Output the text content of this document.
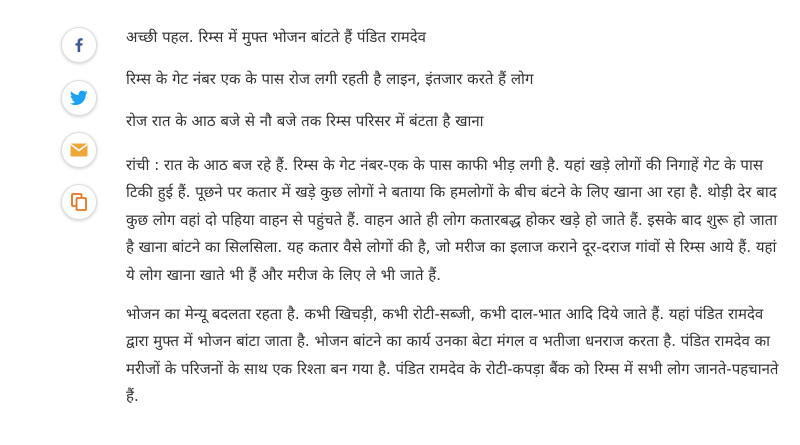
अच्छी पहल. रिम्स में मुफ्त भोजन बांटते हैं पंडित रामदेव

रिम्स के गेट नंबर एक के पास रोज लगी रहती है लाइन, इंतजार करते हैं लोग

रोज रात के आठ बजे से नौ बजे तक रिम्स परिसर में बंटता है खाना

रांची : रात के आठ बज रहे हैं. रिम्स के गेट नंबर-एक के पास काफी भीड़ लगी है. यहां खड़े लोगों की निगाहें गेट के पास टिकी हुई हैं. पूछने पर कतार में खड़े कुछ लोगों ने बताया कि हमलोगों के बीच बंटने के लिए खाना आ रहा है. थोड़ी देर बाद कुछ लोग वहां दो पहिया वाहन से पहुंचते हैं. वाहन आते ही लोग कतारबद्ध होकर खड़े हो जाते हैं. इसके बाद शुरू हो जाता है खाना बांटने का सिलसिला. यह कतार वैसे लोगों की है, जो मरीज का इलाज कराने दूर-दराज गांवों से रिम्स आये हैं. यहां ये लोग खाना खाते भी हैं और मरीज के लिए ले भी जाते हैं.

भोजन का मेन्यू बदलता रहता है. कभी खिचड़ी, कभी रोटी-सब्जी, कभी दाल-भात आदि दिये जाते हैं. यहां पंडित रामदेव द्वारा मुफ्त में भोजन बांटा जाता है. भोजन बांटने का कार्य उनका बेटा मंगल व भतीजा धनराज करता है. पंडित रामदेव का मरीजों के परिजनों के साथ एक रिश्ता बन गया है. पंडित रामदेव के रोटी-कपड़ा बैंक को रिम्स में सभी लोग जानते-पहचानते हैं.
